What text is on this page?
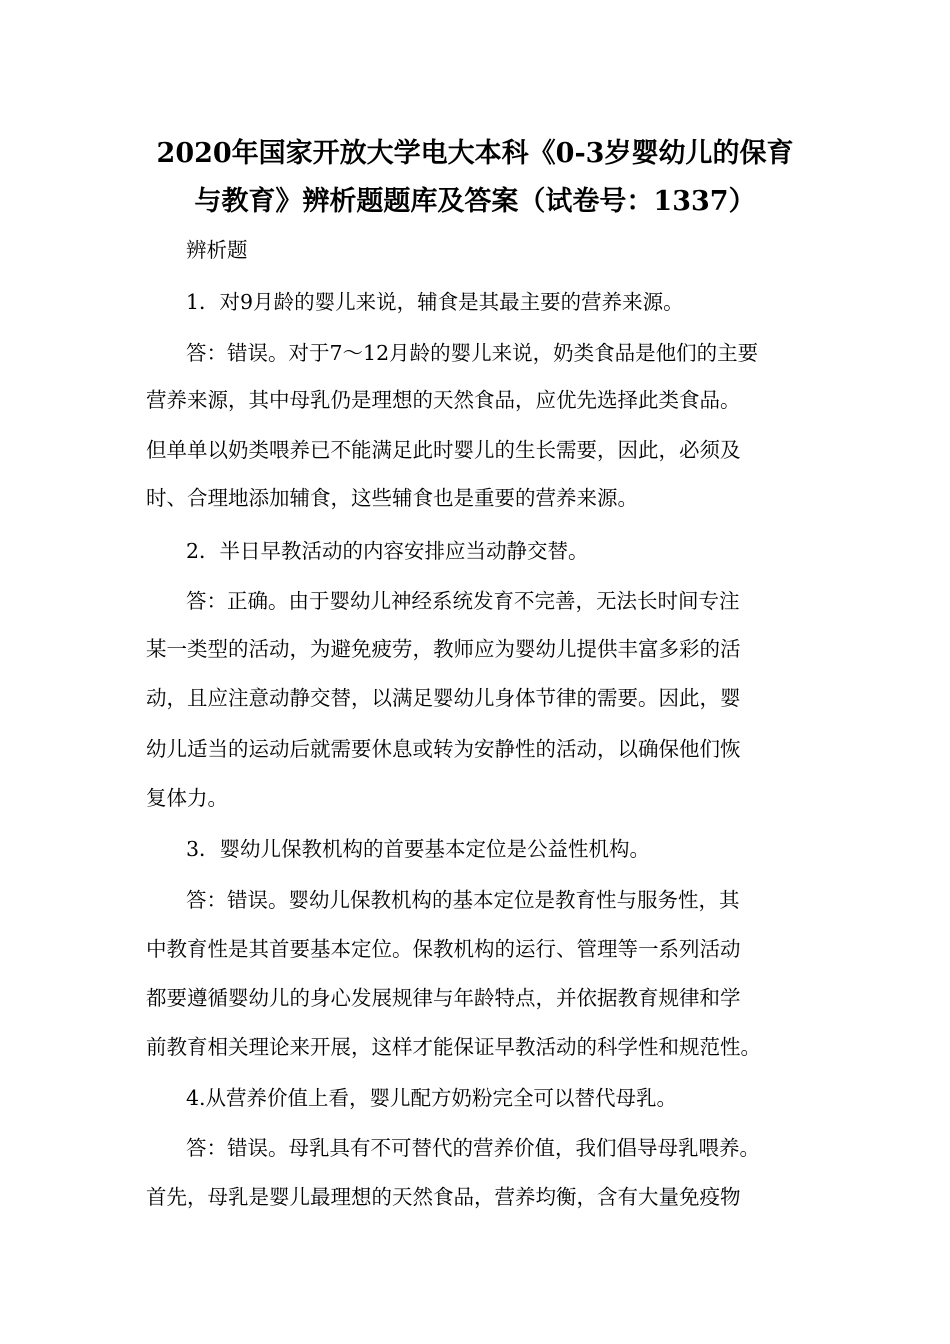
2020年国家开放大学电大本科《0-3岁婴幼儿的保育
与教育》辨析题题库及答案（试卷号：1337）
辨析题
1．对9月龄的婴儿来说，辅食是其最主要的营养来源。
答：错误。对于7～12月龄的婴儿来说，奶类食品是他们的主要
营养来源，其中母乳仍是理想的天然食品，应优先选择此类食品。
但单单以奶类喂养已不能满足此时婴儿的生长需要，因此，必须及
时、合理地添加辅食，这些辅食也是重要的营养来源。
2．半日早教活动的内容安排应当动静交替。
答：正确。由于婴幼儿神经系统发育不完善，无法长时间专注
某一类型的活动，为避免疲劳，教师应为婴幼儿提供丰富多彩的活
动，且应注意动静交替，以满足婴幼儿身体节律的需要。因此，婴
幼儿适当的运动后就需要休息或转为安静性的活动，以确保他们恢
复体力。
3．婴幼儿保教机构的首要基本定位是公益性机构。
答：错误。婴幼儿保教机构的基本定位是教育性与服务性，其
中教育性是其首要基本定位。保教机构的运行、管理等一系列活动
都要遵循婴幼儿的身心发展规律与年龄特点，并依据教育规律和学
前教育相关理论来开展，这样才能保证早教活动的科学性和规范性。
4.从营养价值上看，婴儿配方奶粉完全可以替代母乳。
答：错误。母乳具有不可替代的营养价值，我们倡导母乳喂养。
首先，母乳是婴儿最理想的天然食品，营养均衡，含有大量免疫物
